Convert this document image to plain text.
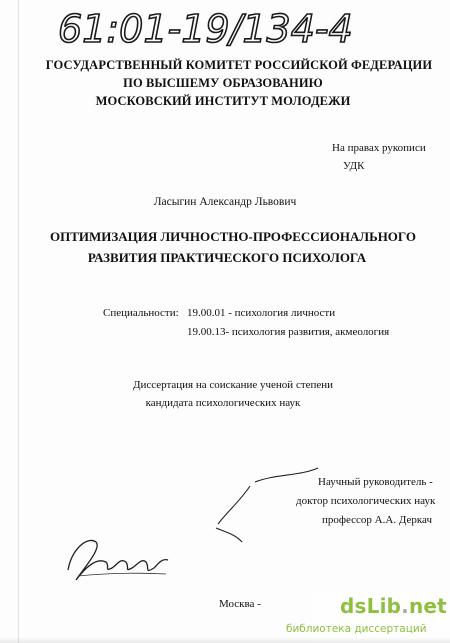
61:01-19/134-4
ГОСУДАРСТВЕННЫЙ КОМИТЕТ РОССИЙСКОЙ ФЕДЕРАЦИИ
ПО ВЫСШЕМУ ОБРАЗОВАНИЮ
МОСКОВСКИЙ ИНСТИТУТ МОЛОДЕЖИ
На правах рукописи
УДК
Ласыгин Александр Львович
ОПТИМИЗАЦИЯ ЛИЧНОСТНО-ПРОФЕССИОНАЛЬНОГО
РАЗВИТИЯ ПРАКТИЧЕСКОГО ПСИХОЛОГА
Специальности: 19.00.01 - психология личности
19.00.13- психология развития, акмеология
Диссертация на соискание ученой степени
кандидата психологических наук
Научный руководитель -
доктор психологических наук
профессор А.А. Деркач
Москва -	dsLib.net
библиотека диссертаций
